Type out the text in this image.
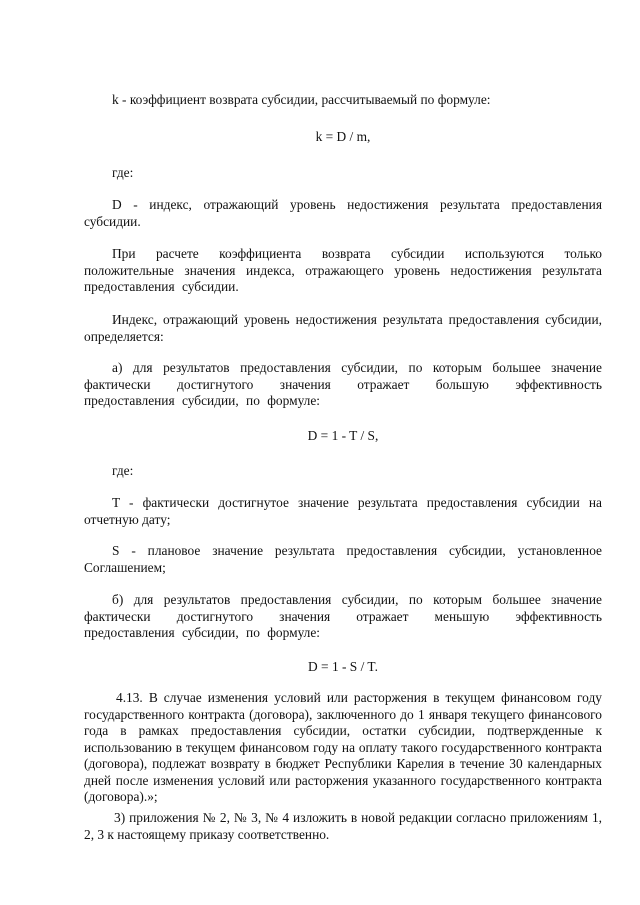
k - коэффициент возврата субсидии, рассчитываемый по формуле:

k = D / m,

где:

D - индекс, отражающий уровень недостижения результата предоставления субсидии.

При расчете коэффициента возврата субсидии используются только положительные значения индекса, отражающего уровень недостижения результата предоставления субсидии.

Индекс, отражающий уровень недостижения результата предоставления субсидии, определяется:

а) для результатов предоставления субсидии, по которым большее значение фактически достигнутого значения отражает большую эффективность предоставления субсидии, по формуле:

D = 1 - T / S,

где:

T - фактически достигнутое значение результата предоставления субсидии на отчетную дату;

S - плановое значение результата предоставления субсидии, установленное Соглашением;

б) для результатов предоставления субсидии, по которым большее значение фактически достигнутого значения отражает меньшую эффективность предоставления субсидии, по формуле:

D = 1 - S / T.

4.13. В случае изменения условий или расторжения в текущем финансовом году государственного контракта (договора), заключенного до 1 января текущего финансового года в рамках предоставления субсидии, остатки субсидии, подтвержденные к использованию в текущем финансовом году на оплату такого государственного контракта (договора), подлежат возврату в бюджет Республики Карелия в течение 30 календарных дней после изменения условий или расторжения указанного государственного контракта (договора).»;

3) приложения № 2, № 3, № 4 изложить в новой редакции согласно приложениям 1, 2, 3 к настоящему приказу соответственно.
